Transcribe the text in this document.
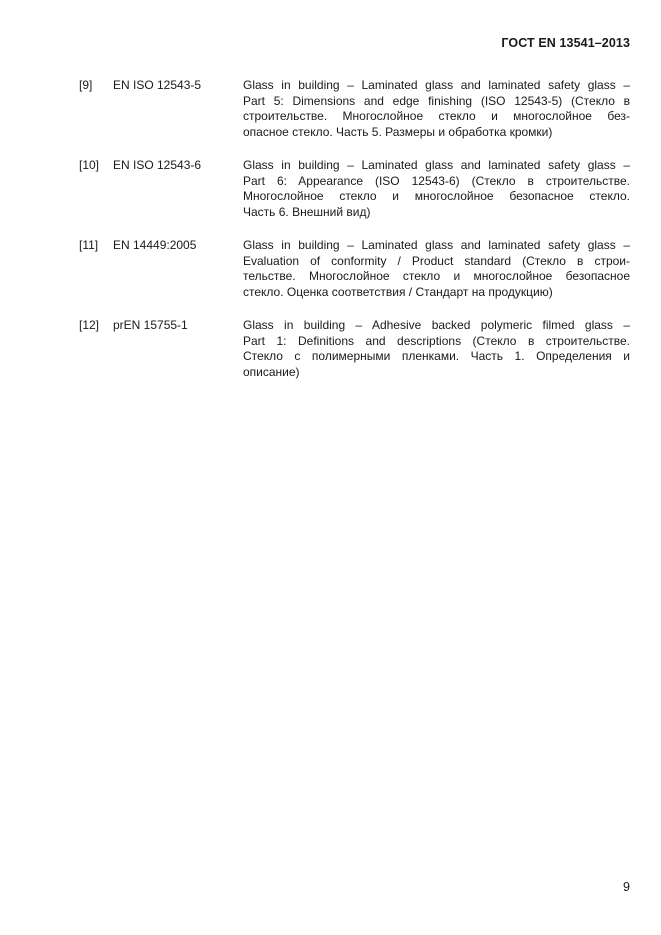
ГОСТ EN 13541–2013
[9] EN ISO 12543-5	Glass in building – Laminated glass and laminated safety glass –
Part 5: Dimensions and edge finishing (ISO 12543-5) (Стекло в
строительстве. Многослойное стекло и многослойное без-
опасное стекло. Часть 5. Размеры и обработка кромки)
[10] EN ISO 12543-6	Glass in building – Laminated glass and laminated safety glass –
Part 6: Appearance (ISO 12543-6) (Стекло в строительстве.
Многослойное стекло и многослойное безопасное стекло.
Часть 6. Внешний вид)
[11] EN 14449:2005	Glass in building – Laminated glass and laminated safety glass –
Evaluation of conformity / Product standard (Стекло в строи-
тельстве. Многослойное стекло и многослойное безопасное
стекло. Оценка соответствия / Стандарт на продукцию)
[12] prEN 15755-1	Glass in building – Adhesive backed polymeric filmed glass –
Part 1: Definitions and descriptions (Стекло в строительстве.
Стекло с полимерными пленками. Часть 1. Определения и
описание)
9
